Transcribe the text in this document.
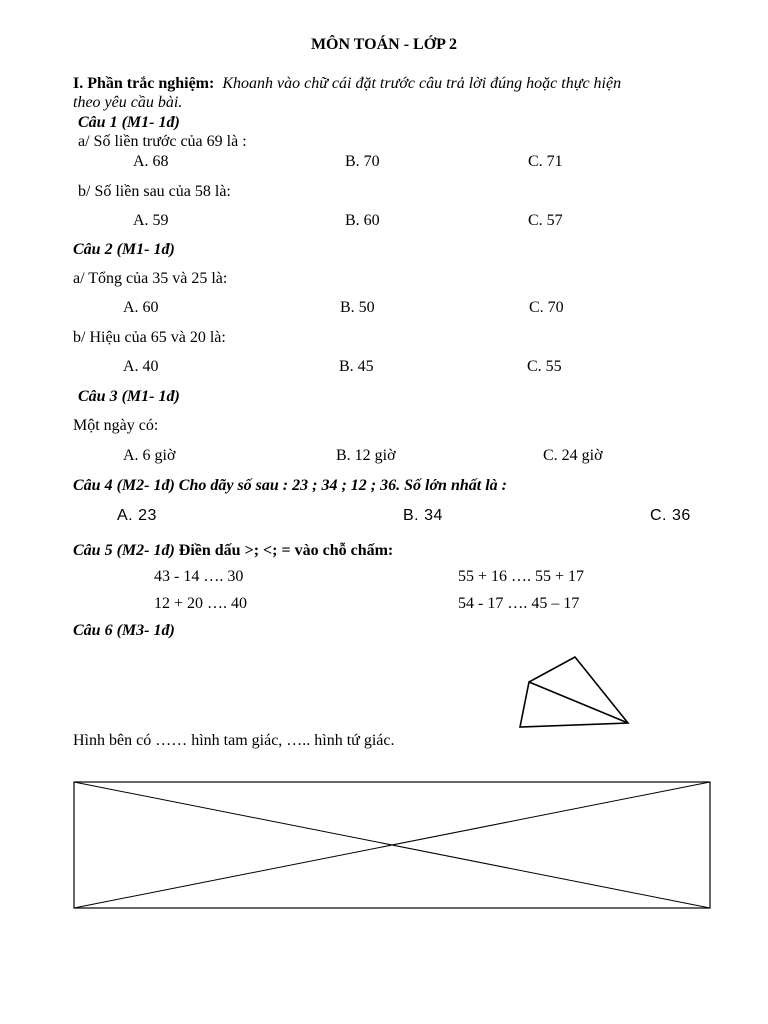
MÔN TOÁN - LỚP 2
I. Phần trắc nghiệm: Khoanh vào chữ cái đặt trước câu trả lời đúng hoặc thực hiện
theo yêu cầu bài.
Câu 1 (M1- 1đ)
a/ Số liền trước của 69 là :
A. 68	B. 70	C. 71
b/ Số liền sau của 58 là:
A. 59	B. 60	C. 57
Câu 2 (M1- 1đ)
a/ Tổng của 35 và 25 là:
A. 60	B. 50	C. 70
b/ Hiệu của 65 và 20 là:
A. 40	B. 45	C. 55
Câu 3 (M1- 1đ)
Một ngày có:
A. 6 giờ	B. 12 giờ	C. 24 giờ
Câu 4 (M2- 1đ) Cho dãy số sau : 23 ; 34 ; 12 ; 36. Số lớn nhất là :
A. 23	B. 34	C. 36
Câu 5 (M2- 1đ) Điền dấu >; <; = vào chỗ chấm:
43 - 14 …. 30	55 + 16 …. 55 + 17
12 + 20 …. 40	54 - 17 …. 45 – 17
Câu 6 (M3- 1đ)
Hình bên có …… hình tam giác, ….. hình tứ giác.
